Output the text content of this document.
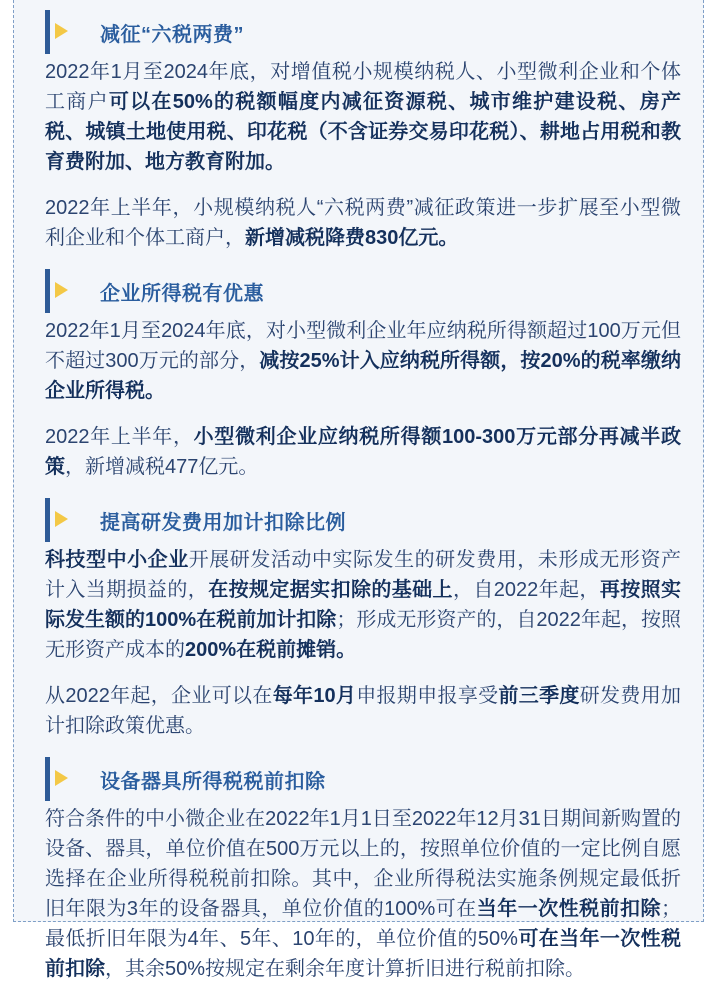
减征“六税两费”

2022年1月至2024年底，对增值税小规模纳税人、小型微利企业和个体工商户可以在50%的税额幅度内减征资源税、城市维护建设税、房产税、城镇土地使用税、印花税（不含证券交易印花税）、耕地占用税和教育费附加、地方教育附加。

2022年上半年，小规模纳税人“六税两费”减征政策进一步扩展至小型微利企业和个体工商户，新增减税降费830亿元。

企业所得税有优惠

2022年1月至2024年底，对小型微利企业年应纳税所得额超过100万元但不超过300万元的部分，减按25%计入应纳税所得额，按20%的税率缴纳企业所得税。

2022年上半年，小型微利企业应纳税所得额100-300万元部分再减半政策，新增减税477亿元。

提高研发费用加计扣除比例

科技型中小企业开展研发活动中实际发生的研发费用，未形成无形资产计入当期损益的，在按规定据实扣除的基础上，自2022年起，再按照实际发生额的100%在税前加计扣除；形成无形资产的，自2022年起，按照无形资产成本的200%在税前摊销。

从2022年起，企业可以在每年10月申报期申报享受前三季度研发费用加计扣除政策优惠。

设备器具所得税税前扣除

符合条件的中小微企业在2022年1月1日至2022年12月31日期间新购置的设备、器具，单位价值在500万元以上的，按照单位价值的一定比例自愿选择在企业所得税税前扣除。其中，企业所得税法实施条例规定最低折旧年限为3年的设备器具，单位价值的100%可在当年一次性税前扣除；最低折旧年限为4年、5年、10年的，单位价值的50%可在当年一次性税前扣除，其余50%按规定在剩余年度计算折旧进行税前扣除。
